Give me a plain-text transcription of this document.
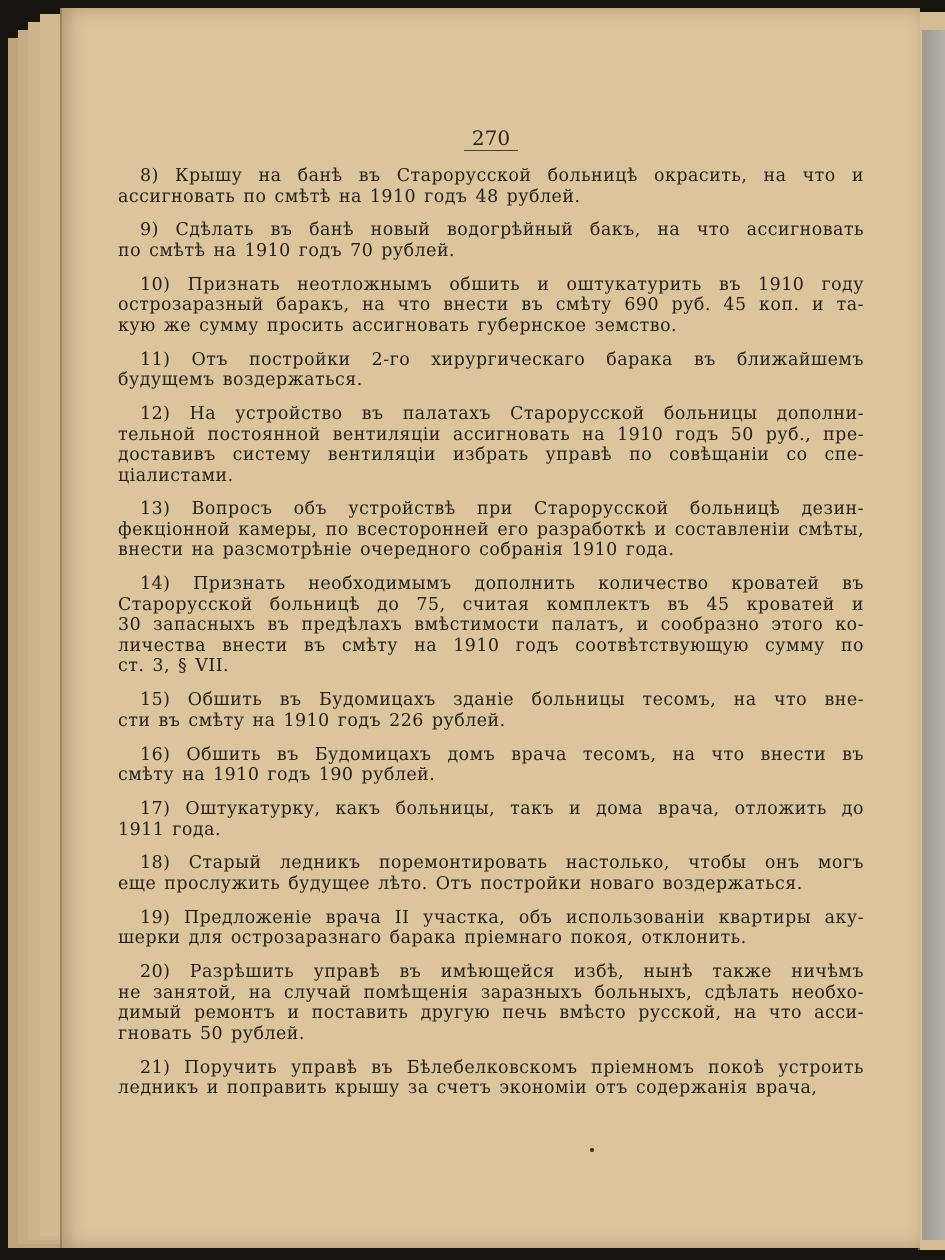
270
8) Крышу на банѣ въ Старорусской больницѣ окрасить, на что и
ассигновать по смѣтѣ на 1910 годъ 48 рублей.
9) Сдѣлать въ банѣ новый водогрѣйный бакъ, на что ассигновать
по смѣтѣ на 1910 годъ 70 рублей.
10) Признать неотложнымъ обшить и оштукатурить въ 1910 году
острозаразный баракъ, на что внести въ смѣту 690 руб. 45 коп. и та-
кую же сумму просить ассигновать губернское земство.
11) Отъ постройки 2-го хирургическаго барака въ ближайшемъ
будущемъ воздержаться.
12) На устройство въ палатахъ Старорусской больницы дополни-
тельной постоянной вентиляціи ассигновать на 1910 годъ 50 руб., пре-
доставивъ систему вентиляціи избрать управѣ по совѣщаніи со спе-
ціалистами.
13) Вопросъ объ устройствѣ при Старорусской больницѣ дезин-
фекціонной камеры, по всесторонней его разработкѣ и составленіи смѣты,
внести на разсмотрѣніе очередного собранія 1910 года.
14) Признать необходимымъ дополнить количество кроватей въ
Старорусской больницѣ до 75, считая комплектъ въ 45 кроватей и
30 запасныхъ въ предѣлахъ вмѣстимости палатъ, и сообразно этого ко-
личества внести въ смѣту на 1910 годъ соотвѣтствующую сумму по
ст. 3, § VII.
15) Обшить въ Будомицахъ зданіе больницы тесомъ, на что вне-
сти въ смѣту на 1910 годъ 226 рублей.
16) Обшить въ Будомицахъ домъ врача тесомъ, на что внести въ
смѣту на 1910 годъ 190 рублей.
17) Оштукатурку, какъ больницы, такъ и дома врача, отложить до
1911 года.
18) Старый ледникъ поремонтировать настолько, чтобы онъ могъ
еще прослужить будущее лѣто. Отъ постройки новаго воздержаться.
19) Предложеніе врача II участка, объ использованіи квартиры аку-
шерки для острозаразнаго барака пріемнаго покоя, отклонить.
20) Разрѣшить управѣ въ имѣющейся избѣ, нынѣ также ничѣмъ
не занятой, на случай помѣщенія заразныхъ больныхъ, сдѣлать необхо-
димый ремонтъ и поставить другую печь вмѣсто русской, на что асси-
гновать 50 рублей.
21) Поручить управѣ въ Бѣлебелковскомъ пріемномъ покоѣ устроить
ледникъ и поправить крышу за счетъ экономіи отъ содержанія врача,
